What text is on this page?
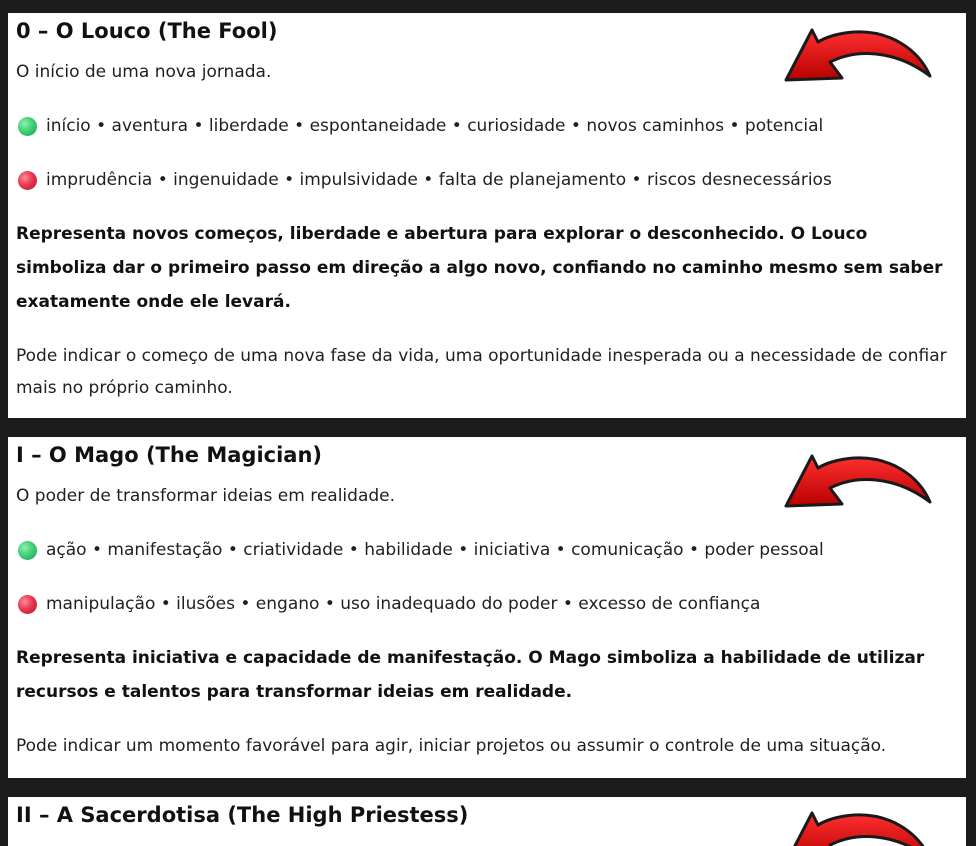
0 – O Louco (The Fool)
O início de uma nova jornada.
início • aventura • liberdade • espontaneidade • curiosidade • novos caminhos • potencial
imprudência • ingenuidade • impulsividade • falta de planejamento • riscos desnecessários
Representa novos começos, liberdade e abertura para explorar o desconhecido. O Louco simboliza dar o primeiro passo em direção a algo novo, confiando no caminho mesmo sem saber exatamente onde ele levará.
Pode indicar o começo de uma nova fase da vida, uma oportunidade inesperada ou a necessidade de confiar mais no próprio caminho.
I – O Mago (The Magician)
O poder de transformar ideias em realidade.
ação • manifestação • criatividade • habilidade • iniciativa • comunicação • poder pessoal
manipulação • ilusões • engano • uso inadequado do poder • excesso de confiança
Representa iniciativa e capacidade de manifestação. O Mago simboliza a habilidade de utilizar recursos e talentos para transformar ideias em realidade.
Pode indicar um momento favorável para agir, iniciar projetos ou assumir o controle de uma situação.
II – A Sacerdotisa (The High Priestess)
